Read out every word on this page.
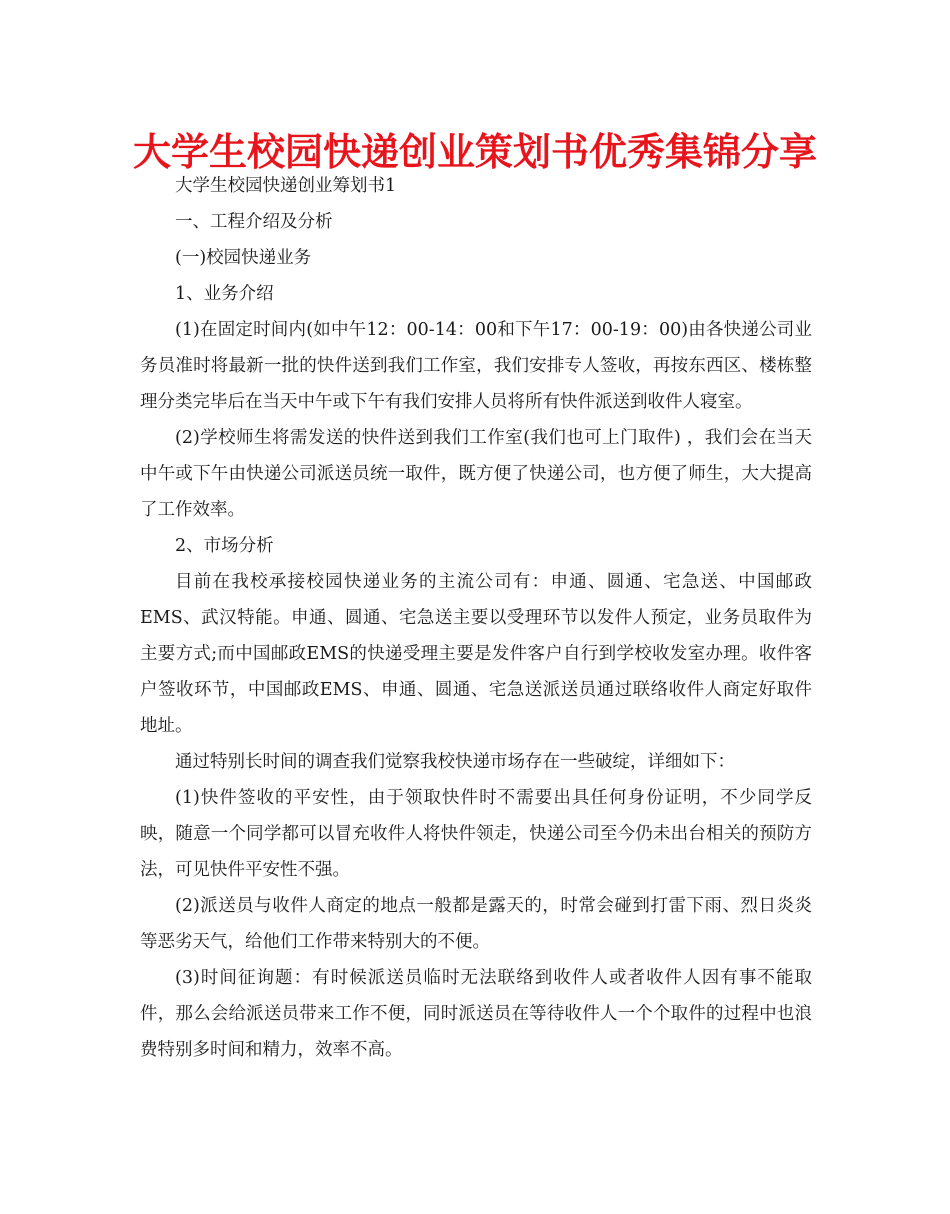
大学生校园快递创业策划书优秀集锦分享

大学生校园快递创业筹划书1

一、工程介绍及分析

(一)校园快递业务

1、业务介绍

(1)在固定时间内(如中午12：00-14：00和下午17：00-19：00)由各快递公司业务员准时将最新一批的快件送到我们工作室，我们安排专人签收，再按东西区、楼栋整理分类完毕后在当天中午或下午有我们安排人员将所有快件派送到收件人寝室。

(2)学校师生将需发送的快件送到我们工作室(我们也可上门取件) ，我们会在当天中午或下午由快递公司派送员统一取件，既方便了快递公司，也方便了师生，大大提高了工作效率。

2、市场分析

目前在我校承接校园快递业务的主流公司有：申通、圆通、宅急送、中国邮政EMS、武汉特能。申通、圆通、宅急送主要以受理环节以发件人预定，业务员取件为主要方式;而中国邮政EMS的快递受理主要是发件客户自行到学校收发室办理。收件客户签收环节，中国邮政EMS、申通、圆通、宅急送派送员通过联络收件人商定好取件地址。

通过特别长时间的调查我们觉察我校快递市场存在一些破绽，详细如下：

(1)快件签收的平安性，由于领取快件时不需要出具任何身份证明，不少同学反映，随意一个同学都可以冒充收件人将快件领走，快递公司至今仍未出台相关的预防方法，可见快件平安性不强。

(2)派送员与收件人商定的地点一般都是露天的，时常会碰到打雷下雨、烈日炎炎等恶劣天气，给他们工作带来特别大的不便。

(3)时间征询题：有时候派送员临时无法联络到收件人或者收件人因有事不能取件，那么会给派送员带来工作不便，同时派送员在等待收件人一个个取件的过程中也浪费特别多时间和精力，效率不高。
